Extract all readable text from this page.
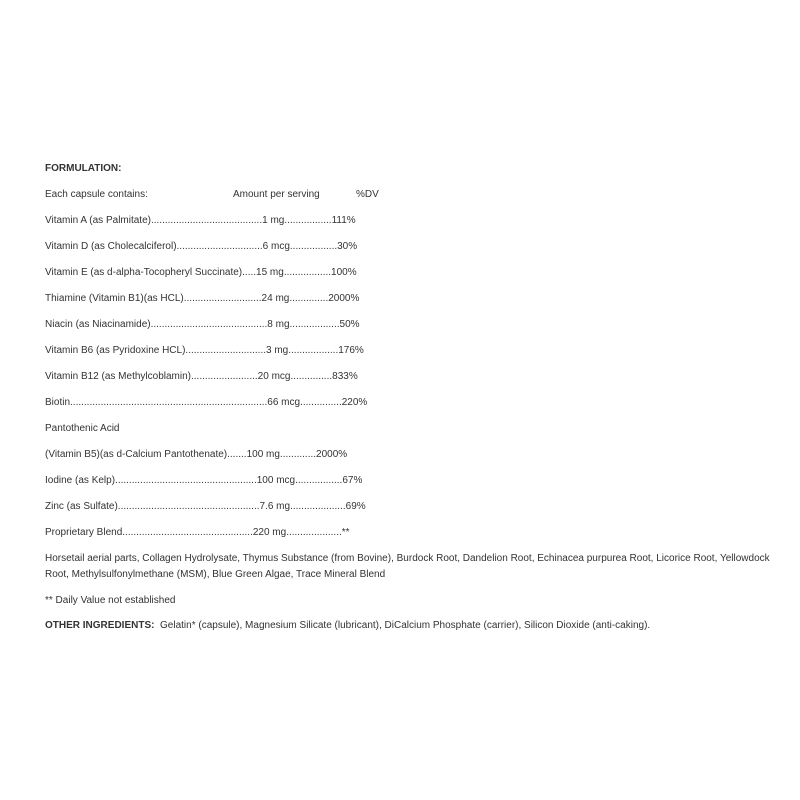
FORMULATION:
Each capsule contains:	Amount per serving	%DV
Vitamin A (as Palmitate)........................................1 mg.................111%
Vitamin D (as Cholecalciferol)...............................6 mcg.................30%
Vitamin E (as d-alpha-Tocopheryl Succinate).....15 mg.................100%
Thiamine (Vitamin B1)(as HCL)............................24 mg..............2000%
Niacin (as Niacinamide)..........................................8 mg..................50%
Vitamin B6 (as Pyridoxine HCL).............................3 mg..................176%
Vitamin B12 (as Methylcoblamin)........................20 mcg...............833%
Biotin.......................................................................66 mcg...............220%
Pantothenic Acid
(Vitamin B5)(as d-Calcium Pantothenate).......100 mg.............2000%
Iodine (as Kelp)...................................................100 mcg.................67%
Zinc (as Sulfate)...................................................7.6 mg....................69%
Proprietary Blend...............................................220 mg....................**
Horsetail aerial parts, Collagen Hydrolysate, Thymus Substance (from Bovine), Burdock Root, Dandelion Root, Echinacea purpurea Root, Licorice Root, Yellowdock Root, Methylsulfonylmethane (MSM), Blue Green Algae, Trace Mineral Blend
** Daily Value not established
OTHER INGREDIENTS: Gelatin* (capsule), Magnesium Silicate (lubricant), DiCalcium Phosphate (carrier), Silicon Dioxide (anti-caking).
